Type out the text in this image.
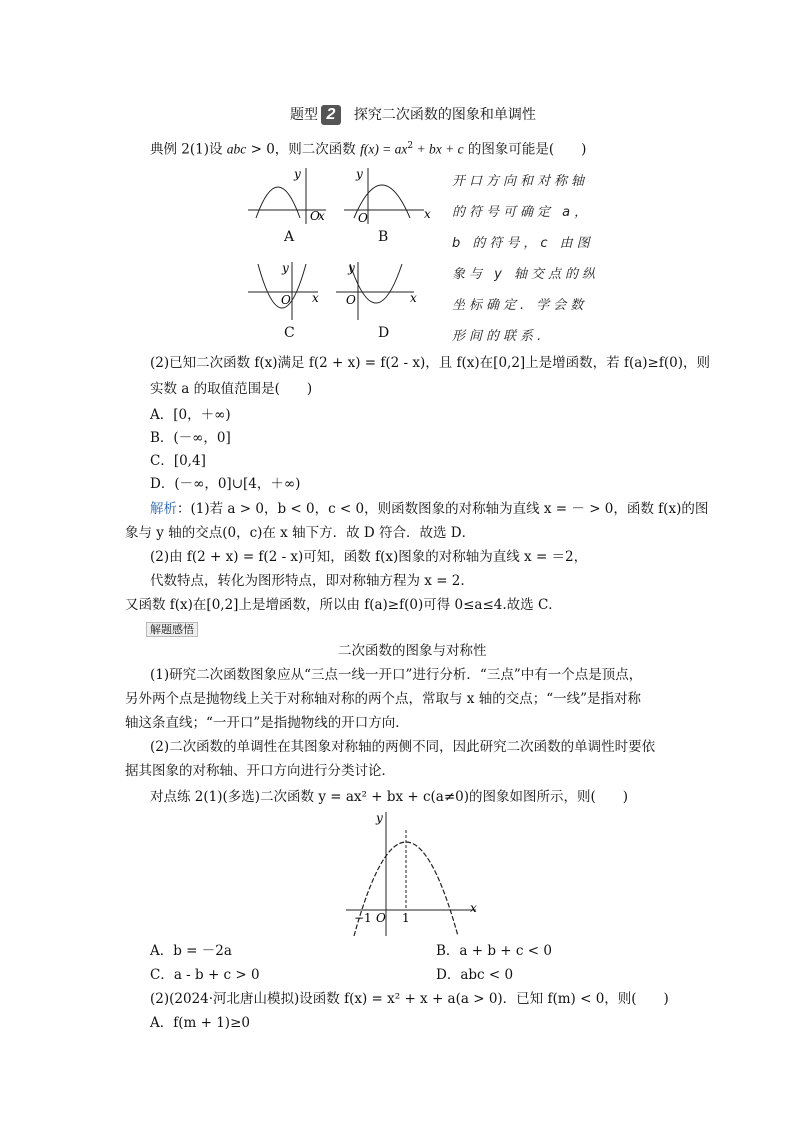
题型 2 探究二次函数的图象和单调性
典例 2(1)设 abc > 0，则二次函数 $f(x) = ax^2$ + bx + c 的图象可能是(　　)
y
O
x
A
y
O	x
B
y
O x
C
y
O	x
D
开口方向和对称轴
的符号可确定 a，
b 的符号，c 由图
象与 y 轴交点的纵
坐标确定. 学会数
形间的联系.
(2)已知二次函数 f(x)满足 f(2 + x) = f(2 - x)，且 f(x)在[0,2]上是增函数，若 f(a)≥f(0)，则
实数 a 的取值范围是(　　)
A．[0，＋∞)
B．(－∞，0]
C．[0,4]
D．(－∞，0]∪[4，＋∞)
解析：(1)若 a > 0，b < 0，c < 0，则函数图象的对称轴为直线 x = － > 0，函数 f(x)的图
象与 y 轴的交点(0，c)在 x 轴下方．故 D 符合．故选 D．
(2)由 f(2 + x) = f(2 - x)可知，函数 f(x)图象的对称轴为直线 x = ＝2，
代数特点，转化为图形特点，即对称轴方程为 x = 2.
又函数 f(x)在[0,2]上是增函数，所以由 f(a)≥f(0)可得 0≤a≤4.故选 C．
解题感悟
二次函数的图象与对称性
(1)研究二次函数图象应从“三点一线一开口”进行分析．“三点”中有一个点是顶点，
另外两个点是抛物线上关于对称轴对称的两个点，常取与 x 轴的交点；“一线”是指对称
轴这条直线；“一开口”是指抛物线的开口方向．
(2)二次函数的单调性在其图象对称轴的两侧不同，因此研究二次函数的单调性时要依
据其图象的对称轴、开口方向进行分类讨论．
对点练 2(1)(多选)二次函数 y = ax² + bx + c(a≠0)的图象如图所示，则(　　)
y
O
−1	1
x
A．b = －2a	B．a + b + c < 0
C．a - b + c > 0	D．abc < 0
(2)(2024·河北唐山模拟)设函数 f(x) = x² + x + a(a > 0)．已知 f(m) < 0，则(　　)
A．f(m + 1)≥0
